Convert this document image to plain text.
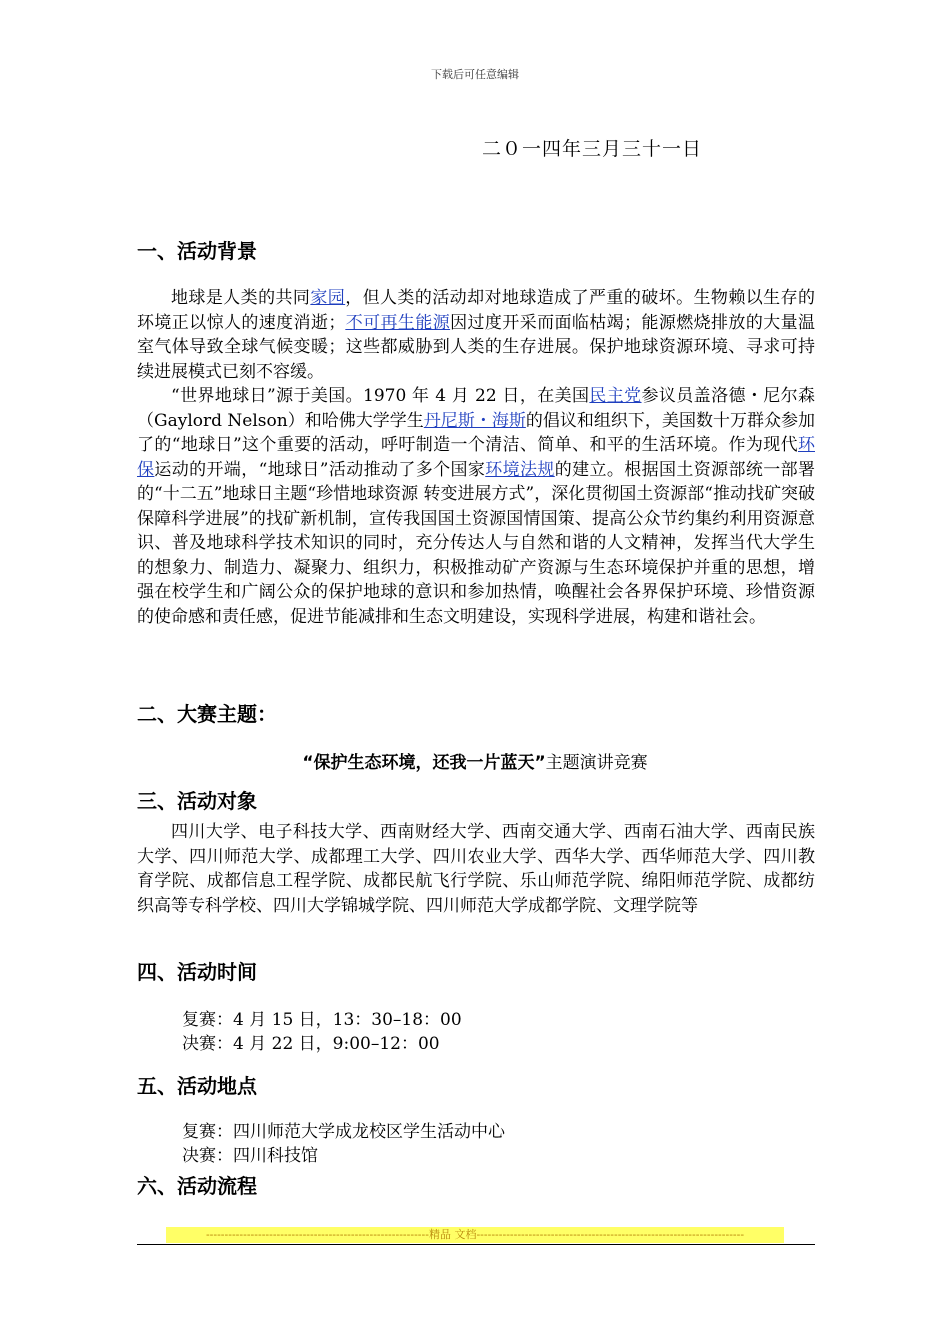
下载后可任意编辑
二０一四年三月三十一日
一、活动背景
地球是人类的共同家园，但人类的活动却对地球造成了严重的破坏。生物赖以生存的环境正以惊人的速度消逝；不可再生能源因过度开采而面临枯竭；能源燃烧排放的大量温室气体导致全球气候变暖；这些都威胁到人类的生存进展。保护地球资源环境、寻求可持续进展模式已刻不容缓。
“世界地球日”源于美国。1970 年 4 月 22 日，在美国民主党参议员盖洛德・尼尔森（Gaylord Nelson）和哈佛大学学生丹尼斯・海斯的倡议和组织下，美国数十万群众参加了的“地球日”这个重要的活动，呼吁制造一个清洁、简单、和平的生活环境。作为现代环保运动的开端，“地球日”活动推动了多个国家环境法规的建立。根据国土资源部统一部署的“十二五”地球日主题“珍惜地球资源 转变进展方式”，深化贯彻国土资源部“推动找矿突破 保障科学进展”的找矿新机制，宣传我国国土资源国情国策、提高公众节约集约利用资源意识、普及地球科学技术知识的同时，充分传达人与自然和谐的人文精神，发挥当代大学生的想象力、制造力、凝聚力、组织力，积极推动矿产资源与生态环境保护并重的思想，增强在校学生和广阔公众的保护地球的意识和参加热情，唤醒社会各界保护环境、珍惜资源的使命感和责任感，促进节能减排和生态文明建设，实现科学进展，构建和谐社会。
二、大赛主题：
“保护生态环境，还我一片蓝天”主题演讲竞赛
三、活动对象
四川大学、电子科技大学、西南财经大学、西南交通大学、西南石油大学、西南民族大学、四川师范大学、成都理工大学、四川农业大学、西华大学、西华师范大学、四川教育学院、成都信息工程学院、成都民航飞行学院、乐山师范学院、绵阳师范学院、成都纺织高等专科学校、四川大学锦城学院、四川师范大学成都学院、文理学院等
四、活动时间
复赛：4 月 15 日，13：30–18：00
决赛：4 月 22 日，9:00–12：00
五、活动地点
复赛：四川师范大学成龙校区学生活动中心
决赛：四川科技馆
六、活动流程
------------------------------------------------------------精品 文档------------------------------------------------------------------------
